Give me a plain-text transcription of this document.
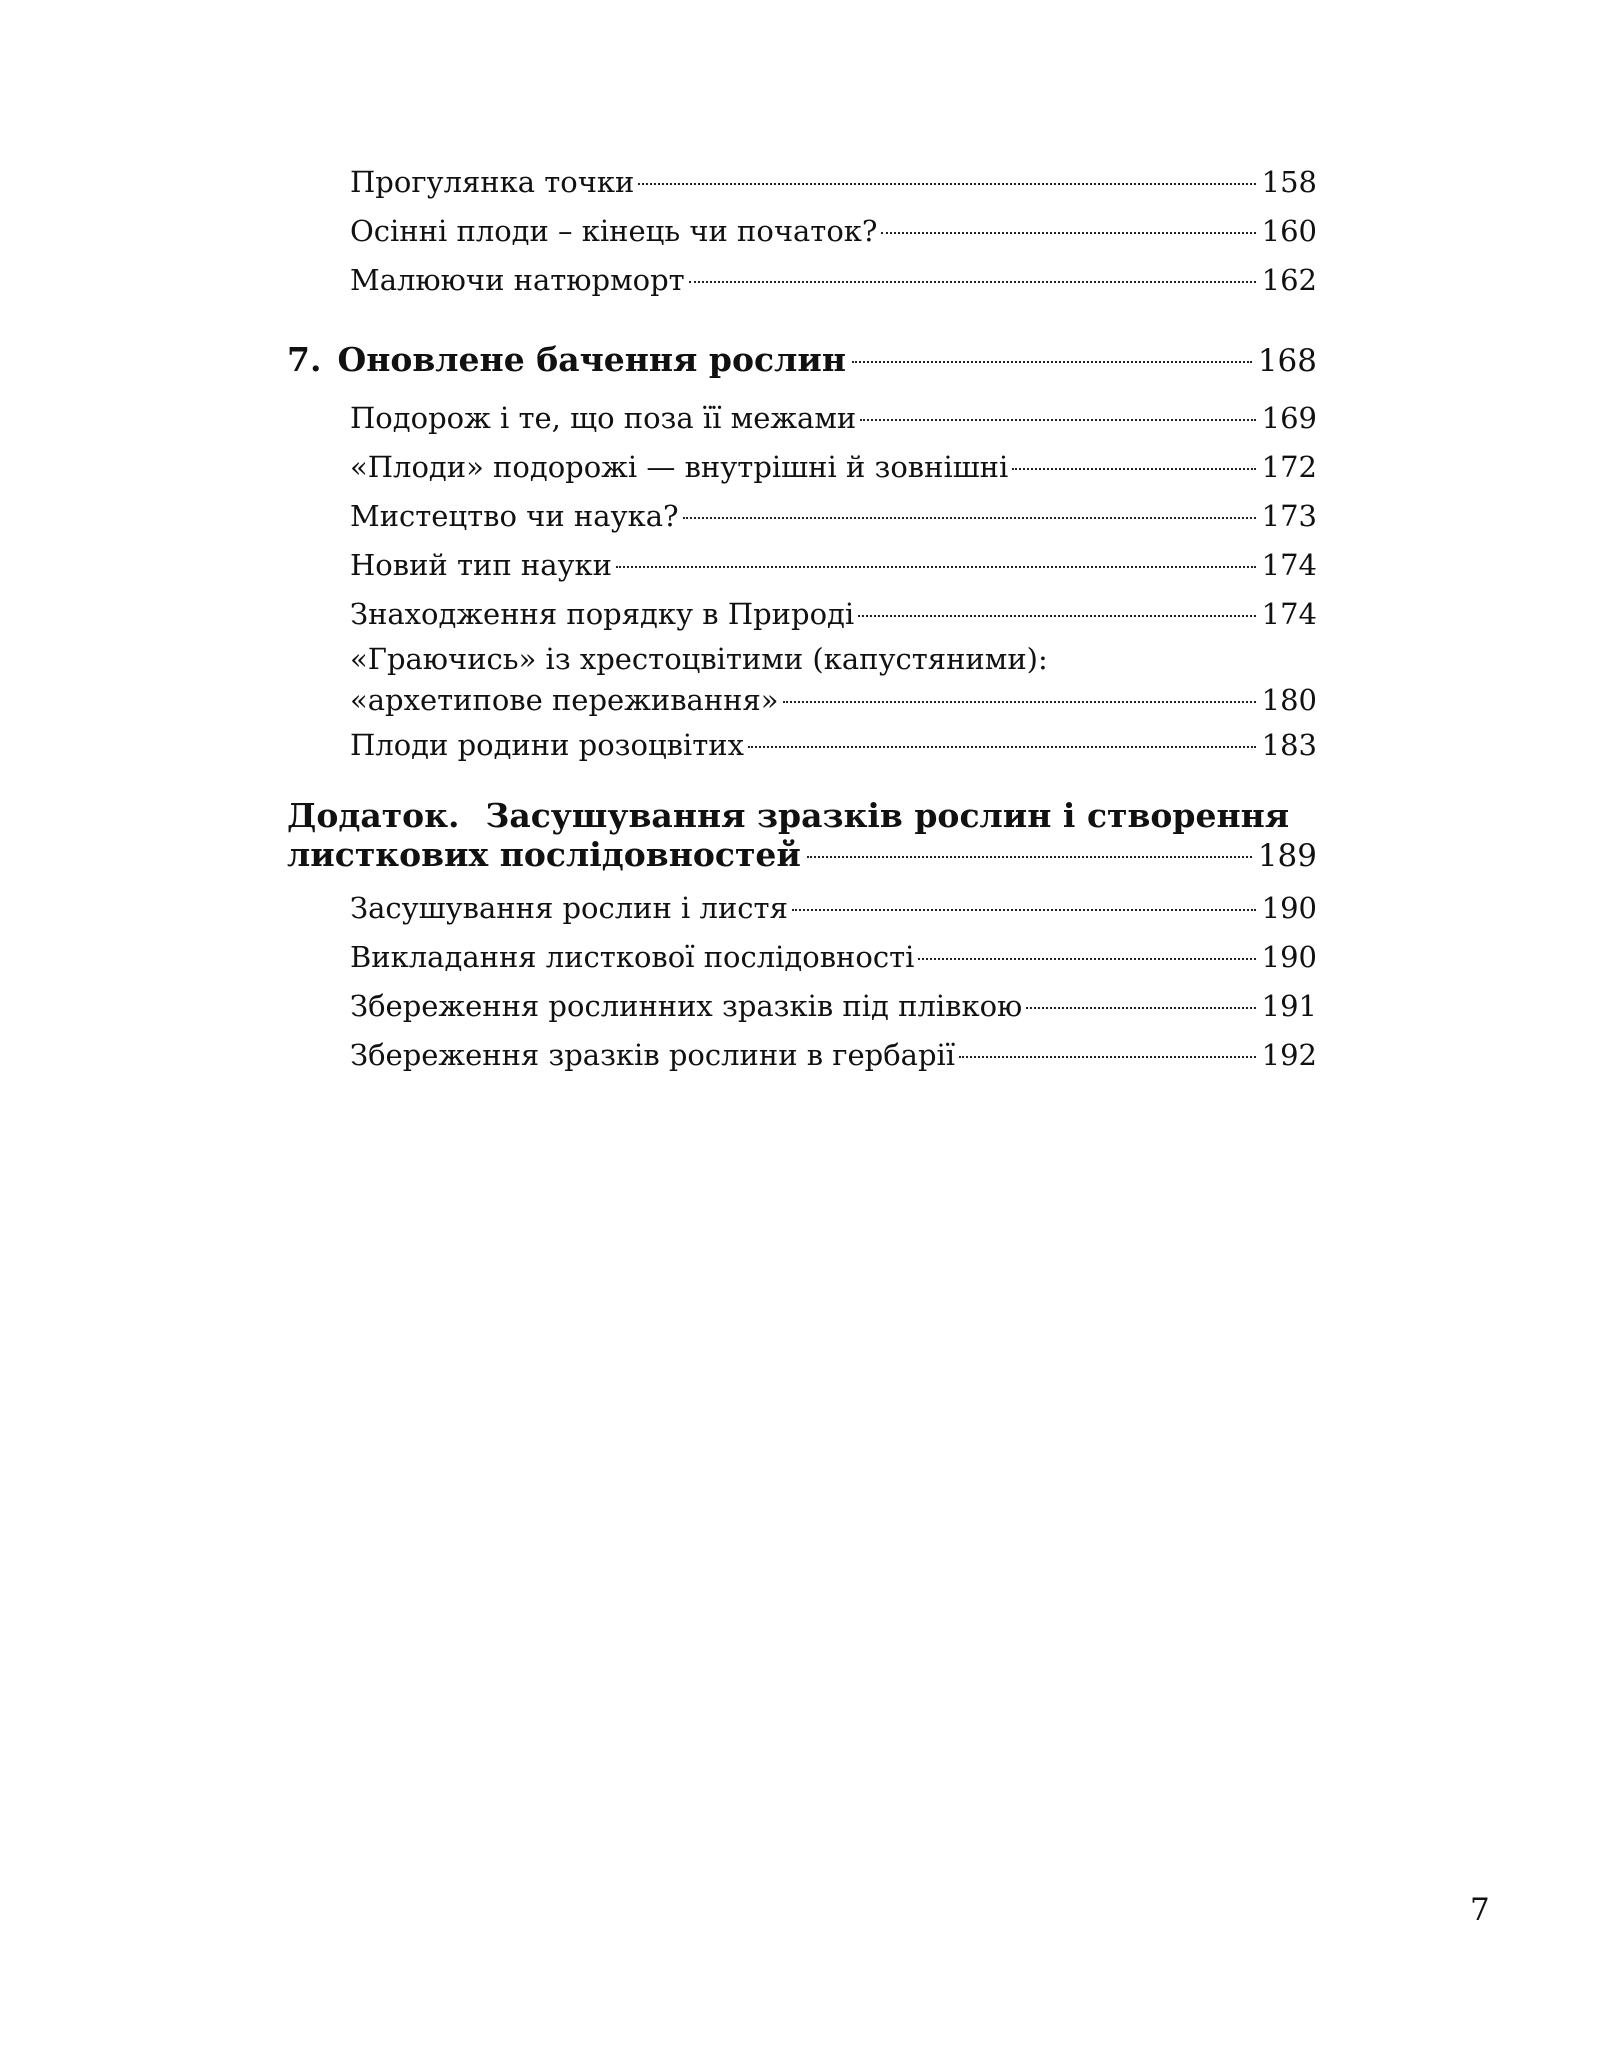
Прогулянка точки	158
Осінні плоди – кінець чи початок?	160
Малюючи натюрморт	162
7. Оновлене бачення рослин	168
Подорож і те, що поза її межами	169
«Плоди» подорожі — внутрішні й зовнішні	172
Мистецтво чи наука?	173
Новий тип науки	174
Знаходження порядку в Природі	174
«Граючись» із хрестоцвітими (капустяними):
«архетипове переживання»	180
Плоди родини розоцвітих	183
Додаток. Засушування зразків рослин і створення
листкових послідовностей	189
Засушування рослин і листя	190
Викладання листкової послідовності	190
Збереження рослинних зразків під плівкою	191
Збереження зразків рослини в гербарії	192
7
